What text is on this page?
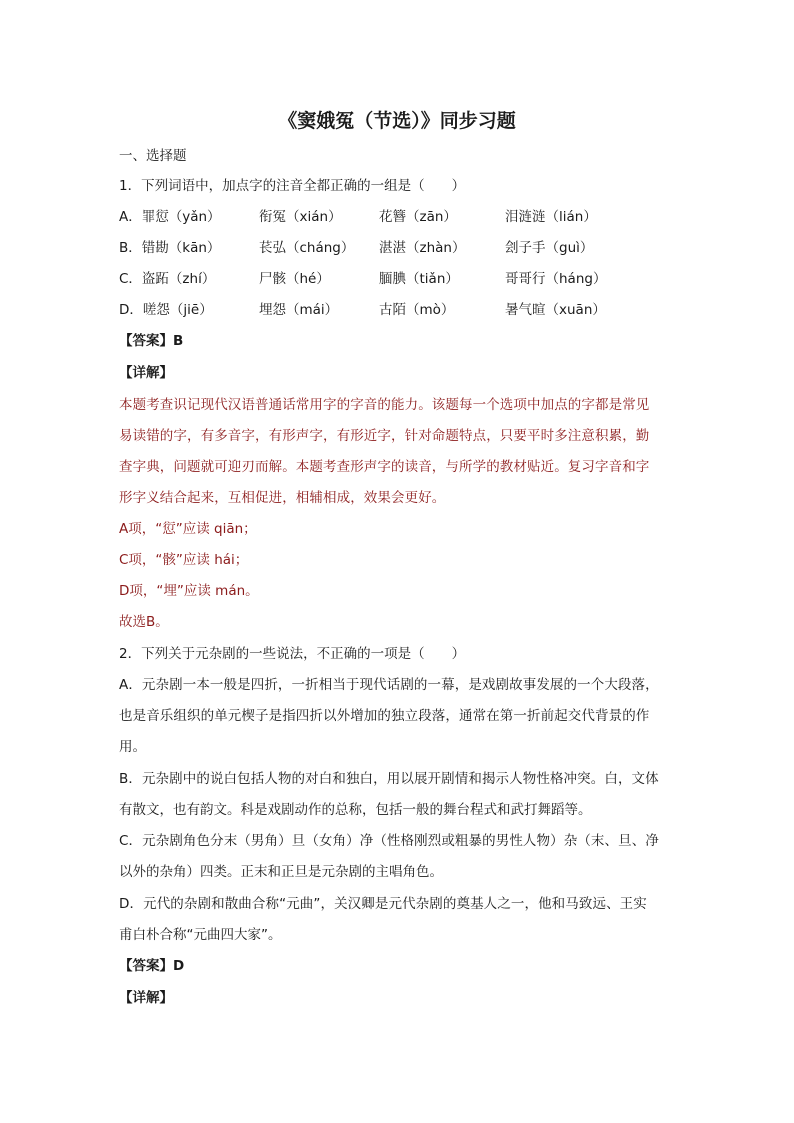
《窦娥冤（节选）》同步习题
一、选择题
1．下列词语中，加点字的注音全都正确的一组是（　　）
A．罪愆（yǎn）	衔冤（xián）	花簪（zān）	泪涟涟（lián）
B．错勘（kān）	苌弘（cháng） 湛湛（zhàn）	刽子手（guì）
C．盗跖（zhí）	尸骸（hé）	腼腆（tiǎn）	哥哥行（háng）
D．嗟怨（jiē）	埋怨（mái）	古陌（mò）	暑气暄（xuān）
【答案】B
【详解】
本题考查识记现代汉语普通话常用字的字音的能力。该题每一个选项中加点的字都是常见
易读错的字，有多音字，有形声字，有形近字，针对命题特点，只要平时多注意积累，勤
查字典，问题就可迎刃而解。本题考查形声字的读音，与所学的教材贴近。复习字音和字
形字义结合起来，互相促进，相辅相成，效果会更好。
A项，“愆”应读 qiān；
C项，“骸”应读 hái；
D项，“埋”应读 mán。
故选B。
2．下列关于元杂剧的一些说法，不正确的一项是（　　）
A．元杂剧一本一般是四折，一折相当于现代话剧的一幕，是戏剧故事发展的一个大段落，
也是音乐组织的单元楔子是指四折以外增加的独立段落，通常在第一折前起交代背景的作
用。
B．元杂剧中的说白包括人物的对白和独白，用以展开剧情和揭示人物性格冲突。白，文体
有散文，也有韵文。科是戏剧动作的总称，包括一般的舞台程式和武打舞蹈等。
C．元杂剧角色分末（男角）旦（女角）净（性格刚烈或粗暴的男性人物）杂（末、旦、净
以外的杂角）四类。正末和正旦是元杂剧的主唱角色。
D．元代的杂剧和散曲合称“元曲”，关汉卿是元代杂剧的奠基人之一，他和马致远、王实
甫白朴合称“元曲四大家”。
【答案】D
【详解】
